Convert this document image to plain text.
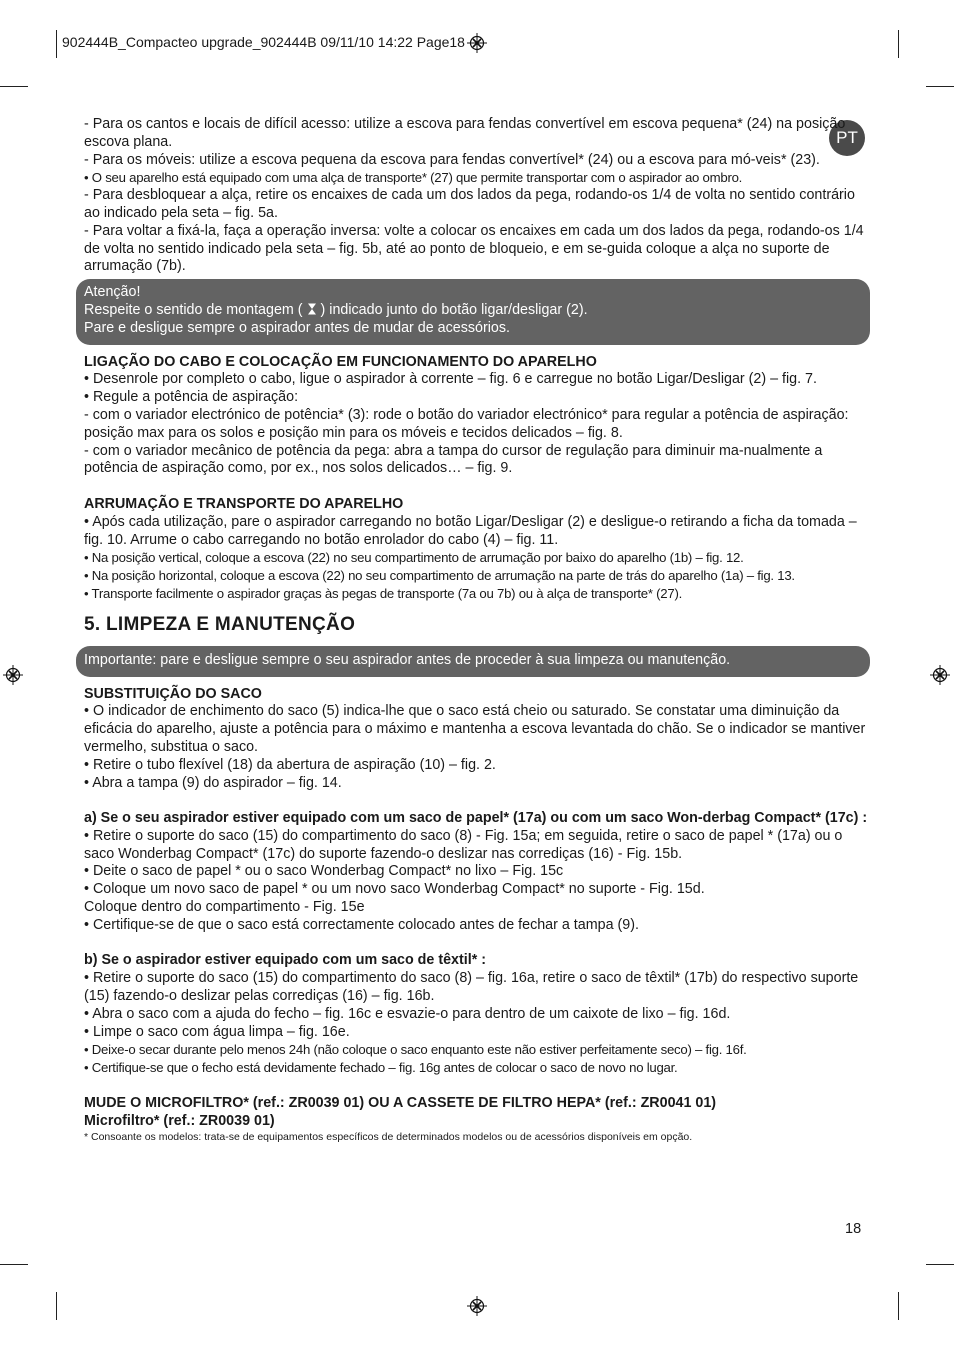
902444B_Compacteo upgrade_902444B 09/11/10 14:22 Page18
PT

- Para os cantos e locais de difícil acesso: utilize a escova para fendas convertível em escova pequena* (24) na posição escova plana.

- Para os móveis: utilize a escova pequena da escova para fendas convertível* (24) ou a escova para mó-veis* (23).

• O seu aparelho está equipado com uma alça de transporte* (27) que permite transportar com o aspirador ao ombro.

- Para desbloquear a alça, retire os encaixes de cada um dos lados da pega, rodando-os 1/4 de volta no sentido contrário ao indicado pela seta – fig. 5a.

- Para voltar a fixá-la, faça a operação inversa: volte a colocar os encaixes em cada um dos lados da pega, rodando-os 1/4 de volta no sentido indicado pela seta – fig. 5b, até ao ponto de bloqueio, e em se-guida coloque a alça no suporte de arrumação (7b).

Atenção!

Respeite o sentido de montagem ( ) indicado junto do botão ligar/desligar (2).

Pare e desligue sempre o aspirador antes de mudar de acessórios.

LIGAÇÃO DO CABO E COLOCAÇÃO EM FUNCIONAMENTO DO APARELHO

• Desenrole por completo o cabo, ligue o aspirador à corrente – fig. 6 e carregue no botão Ligar/Desligar (2) – fig. 7.

• Regule a potência de aspiração:

- com o variador electrónico de potência* (3): rode o botão do variador electrónico* para regular a potência de aspiração: posição max para os solos e posição min para os móveis e tecidos delicados – fig. 8.

- com o variador mecânico de potência da pega: abra a tampa do cursor de regulação para diminuir ma-nualmente a potência de aspiração como, por ex., nos solos delicados… – fig. 9.

ARRUMAÇÃO E TRANSPORTE DO APARELHO

• Após cada utilização, pare o aspirador carregando no botão Ligar/Desligar (2) e desligue-o retirando a ficha da tomada – fig. 10. Arrume o cabo carregando no botão enrolador do cabo (4) – fig. 11.

• Na posição vertical, coloque a escova (22) no seu compartimento de arrumação por baixo do aparelho (1b) – fig. 12.

• Na posição horizontal, coloque a escova (22) no seu compartimento de arrumação na parte de trás do aparelho (1a) – fig. 13.

• Transporte facilmente o aspirador graças às pegas de transporte (7a ou 7b) ou à alça de transporte* (27).

5. LIMPEZA E MANUTENÇÃO
Importante: pare e desligue sempre o seu aspirador antes de proceder à sua limpeza ou manutenção.
SUBSTITUIÇÃO DO SACO

• O indicador de enchimento do saco (5) indica-lhe que o saco está cheio ou saturado. Se constatar uma diminuição da eficácia do aparelho, ajuste a potência para o máximo e mantenha a escova levantada do chão. Se o indicador se mantiver vermelho, substitua o saco.

• Retire o tubo flexível (18) da abertura de aspiração (10) – fig. 2.

• Abra a tampa (9) do aspirador – fig. 14.

a) Se o seu aspirador estiver equipado com um saco de papel* (17a) ou com um saco Won-derbag Compact* (17c) :

• Retire o suporte do saco (15) do compartimento do saco (8) - Fig. 15a; em seguida, retire o saco de papel * (17a) ou o saco Wonderbag Compact* (17c) do suporte fazendo-o deslizar nas corrediças (16) - Fig. 15b.

• Deite o saco de papel * ou o saco Wonderbag Compact* no lixo – Fig. 15c

• Coloque um novo saco de papel * ou um novo saco Wonderbag Compact* no suporte - Fig. 15d.

Coloque dentro do compartimento - Fig. 15e

• Certifique-se de que o saco está correctamente colocado antes de fechar a tampa (9).

b) Se o aspirador estiver equipado com um saco de têxtil* :

• Retire o suporte do saco (15) do compartimento do saco (8) – fig. 16a, retire o saco de têxtil* (17b) do respectivo suporte (15) fazendo-o deslizar pelas corrediças (16) – fig. 16b.

• Abra o saco com a ajuda do fecho – fig. 16c e esvazie-o para dentro de um caixote de lixo – fig. 16d.

• Limpe o saco com água limpa – fig. 16e.

• Deixe-o secar durante pelo menos 24h (não coloque o saco enquanto este não estiver perfeitamente seco) – fig. 16f.

• Certifique-se que o fecho está devidamente fechado – fig. 16g antes de colocar o saco de novo no lugar.

MUDE O MICROFILTRO* (ref.: ZR0039 01) OU A CASSETE DE FILTRO HEPA* (ref.: ZR0041 01)
Microfiltro* (ref.: ZR0039 01)

* Consoante os modelos: trata-se de equipamentos específicos de determinados modelos ou de acessórios disponíveis em opção.

18
